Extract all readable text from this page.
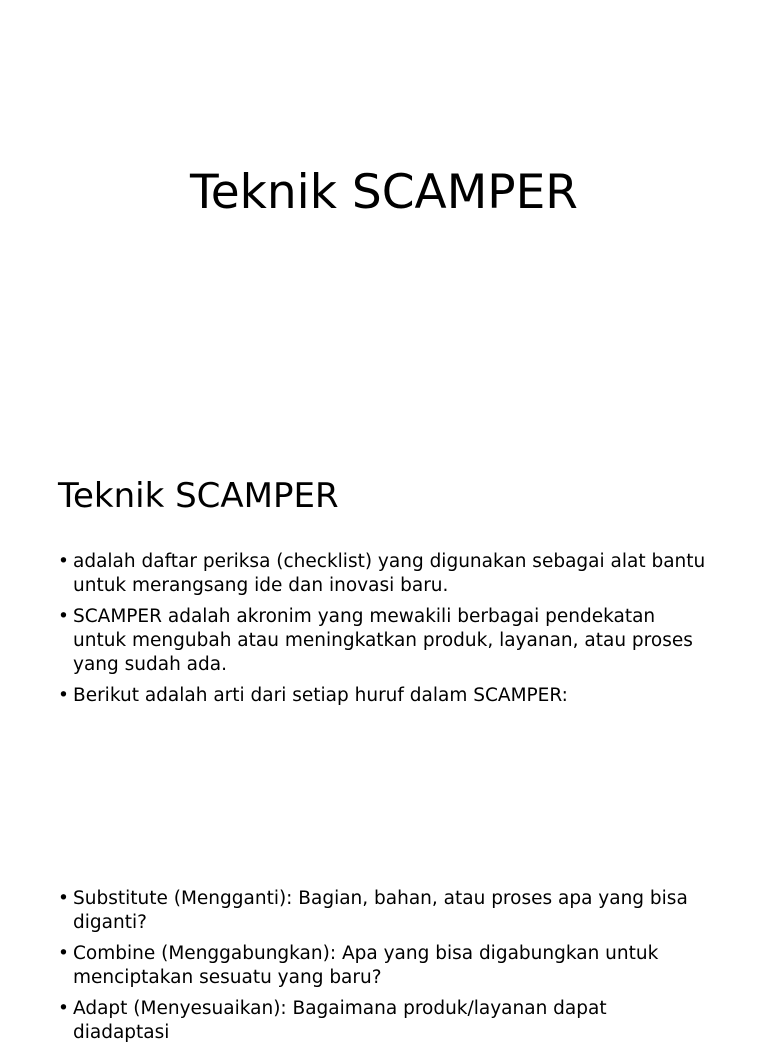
Teknik SCAMPER
Teknik SCAMPER
• adalah daftar periksa (checklist) yang digunakan sebagai alat bantu untuk merangsang ide dan inovasi baru.
• SCAMPER adalah akronim yang mewakili berbagai pendekatan untuk mengubah atau meningkatkan produk, layanan, atau proses yang sudah ada.
• Berikut adalah arti dari setiap huruf dalam SCAMPER:
• Substitute (Mengganti): Bagian, bahan, atau proses apa yang bisa diganti?
• Combine (Menggabungkan): Apa yang bisa digabungkan untuk menciptakan sesuatu yang baru?
• Adapt (Menyesuaikan): Bagaimana produk/layanan dapat diadaptasi
